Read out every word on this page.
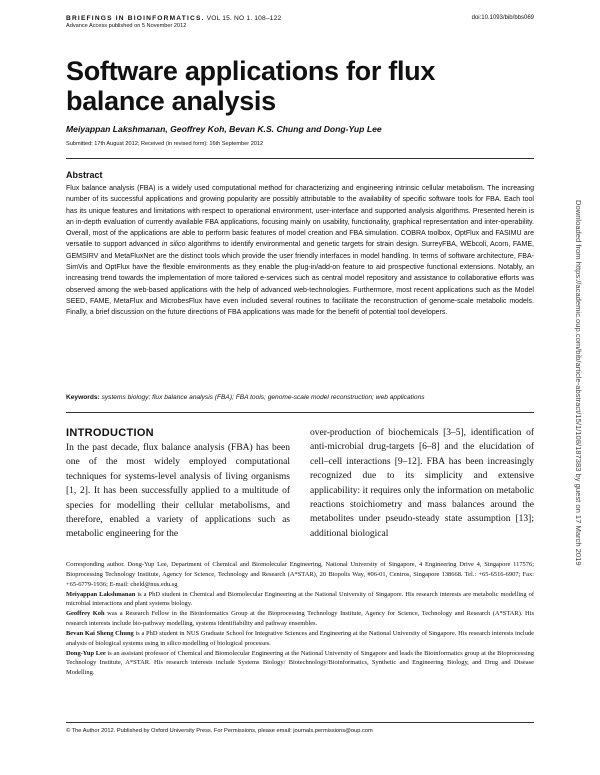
BRIEFINGS IN BIOINFORMATICS. VOL 15. NO 1. 108–122
Advance Access published on 5 November 2012
doi:10.1093/bib/bbs069
Software applications for flux balance analysis
Meiyappan Lakshmanan, Geoffrey Koh, Bevan K.S. Chung and Dong-Yup Lee
Submitted: 17th August 2012; Received (in revised form): 16th September 2012
Abstract
Flux balance analysis (FBA) is a widely used computational method for characterizing and engineering intrinsic cellular metabolism. The increasing number of its successful applications and growing popularity are possibly attributable to the availability of specific software tools for FBA. Each tool has its unique features and limitations with respect to operational environment, user-interface and supported analysis algorithms. Presented herein is an in-depth evaluation of currently available FBA applications, focusing mainly on usability, functionality, graphical representation and inter-operability. Overall, most of the applications are able to perform basic features of model creation and FBA simulation. COBRA toolbox, OptFlux and FASIMU are versatile to support advanced in silico algorithms to identify environmental and genetic targets for strain design. SurreyFBA, WEbcoli, Acorn, FAME, GEMSIRV and MetaFluxNet are the distinct tools which provide the user friendly interfaces in model handling. In terms of software architecture, FBA-SimVis and OptFlux have the flexible environments as they enable the plug-in/add-on feature to aid prospective functional extensions. Notably, an increasing trend towards the implementation of more tailored e-services such as central model repository and assistance to collaborative efforts was observed among the web-based applications with the help of advanced web-technologies. Furthermore, most recent applications such as the Model SEED, FAME, MetaFlux and MicrobesFlux have even included several routines to facilitate the reconstruction of genome-scale metabolic models. Finally, a brief discussion on the future directions of FBA applications was made for the benefit of potential tool developers.
Keywords: systems biology; flux balance analysis (FBA); FBA tools; genome-scale model reconstruction; web applications
INTRODUCTION
In the past decade, flux balance analysis (FBA) has been one of the most widely employed computational techniques for systems-level analysis of living organisms [1, 2]. It has been successfully applied to a multitude of species for modelling their cellular metabolisms, and therefore, enabled a variety of applications such as metabolic engineering for the
over-production of biochemicals [3–5], identification of anti-microbial drug-targets [6–8] and the elucidation of cell–cell interactions [9–12]. FBA has been increasingly recognized due to its simplicity and extensive applicability: it requires only the information on metabolic reactions stoichiometry and mass balances around the metabolites under pseudo-steady state assumption [13]; additional biological

Corresponding author. Dong-Yup Lee, Department of Chemical and Biomolecular Engineering, National University of Singapore, 4 Engineering Drive 4, Singapore 117576; Bioprocessing Technology Institute, Agency for Science, Technology and Research (A*STAR), 20 Biopolis Way, #06-01, Centros, Singapore 138668. Tel.: +65-6516-6907; Fax: +65-6779-1936; E-mail: cheld@nus.edu.sg

Meiyappan Lakshmanan is a PhD student in Chemical and Biomolecular Engineering at the National University of Singapore. His research interests are metabolic modelling of microbial interactions and plant systems biology.

Geoffrey Koh was a Research Fellow in the Bioinformatics Group at the Bioprocessing Technology Institute, Agency for Science, Technology and Research (A*STAR). His research interests include bio-pathway modelling, systems identifiability and pathway ensembles.

Bevan Kai Sheng Chung is a PhD student in NUS Graduate School for Integrative Sciences and Engineering at the National University of Singapore. His research interests include analysis of biological systems using in silico modelling of biological processes.

Dong-Yup Lee is an assistant professor of Chemical and Biomolecular Engineering at the National University of Singapore and leads the Bioinformatics group at the Bioprocessing Technology Institute, A*STAR. His research interests include Systems Biology/ Biotechnology/Bioinformatics, Synthetic and Engineering Biology, and Drug and Disease Modelling.

© The Author 2012. Published by Oxford University Press. For Permissions, please email: journals.permissions@oup.com
Downloaded from https://academic.oup.com/bib/article-abstract/15/1/108/187383 by guest on 17 March 2019
